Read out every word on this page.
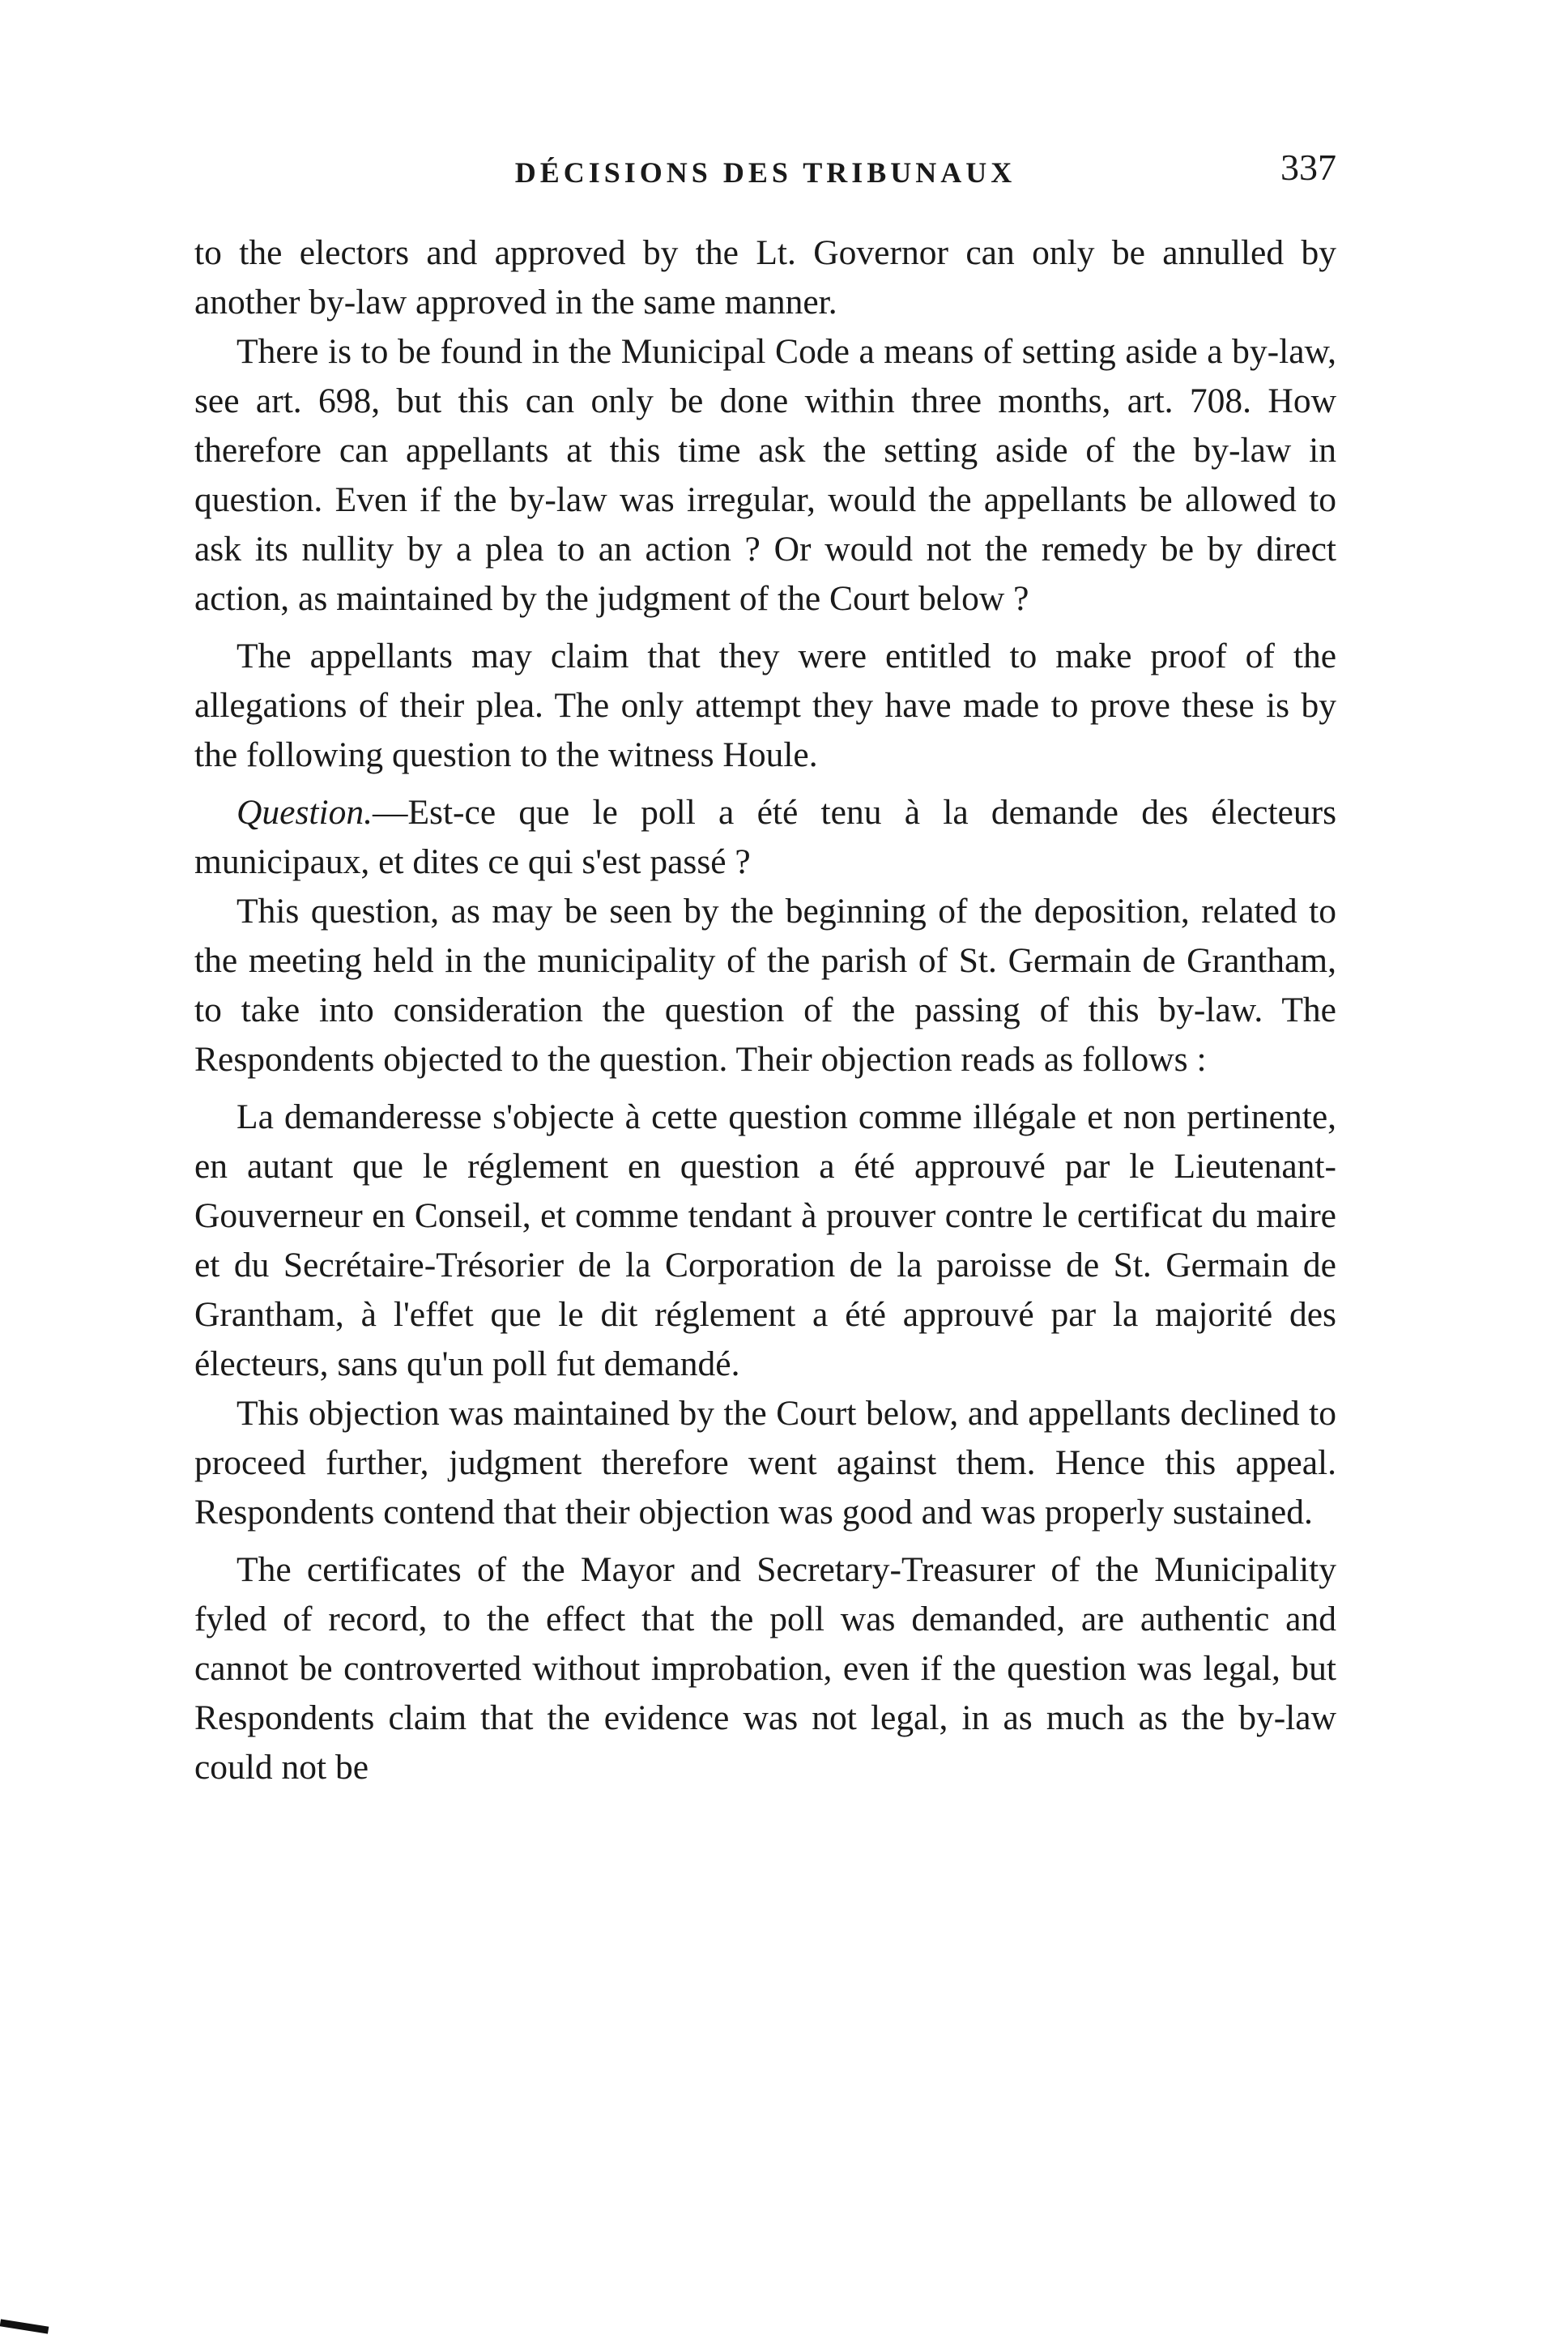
DÉCISIONS DES TRIBUNAUX	337

to the electors and approved by the Lt. Governor can only be annulled by another by-law approved in the same manner.

There is to be found in the Municipal Code a means of setting aside a by-law, see art. 698, but this can only be done within three months, art. 708. How therefore can appellants at this time ask the setting aside of the by-law in question. Even if the by-law was irregular, would the appellants be allowed to ask its nullity by a plea to an action ? Or would not the remedy be by direct action, as maintained by the judgment of the Court below ?

The appellants may claim that they were entitled to make proof of the allegations of their plea. The only attempt they have made to prove these is by the following question to the witness Houle.

Question.—Est-ce que le poll a été tenu à la demande des électeurs municipaux, et dites ce qui s'est passé ?

This question, as may be seen by the beginning of the deposition, related to the meeting held in the municipality of the parish of St. Germain de Grantham, to take into consideration the question of the passing of this by-law. The Respondents objected to the question. Their objection reads as follows :

La demanderesse s'objecte à cette question comme illégale et non pertinente, en autant que le réglement en question a été approuvé par le Lieutenant-Gouverneur en Conseil, et comme tendant à prouver contre le certificat du maire et du Secrétaire-Trésorier de la Corporation de la paroisse de St. Germain de Grantham, à l'effet que le dit réglement a été approuvé par la majorité des électeurs, sans qu'un poll fut demandé.

This objection was maintained by the Court below, and appellants declined to proceed further, judgment therefore went against them. Hence this appeal. Respondents contend that their objection was good and was properly sustained.

The certificates of the Mayor and Secretary-Treasurer of the Municipality fyled of record, to the effect that the poll was demanded, are authentic and cannot be controverted without improbation, even if the question was legal, but Respondents claim that the evidence was not legal, in as much as the by-law could not be
